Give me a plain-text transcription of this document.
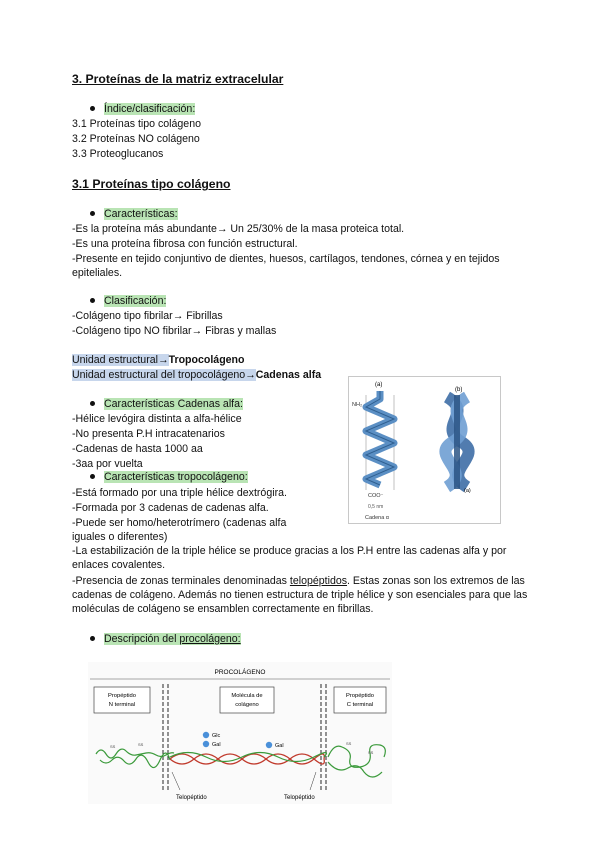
3. Proteínas de la matriz extracelular
Índice/clasificación:
3.1 Proteínas tipo colágeno
3.2 Proteínas NO colágeno
3.3 Proteoglucanos
3.1 Proteínas tipo colágeno
Características:
-Es la proteína más abundante→ Un 25/30% de la masa proteica total.
-Es una proteína fibrosa con función estructural.
-Presente en tejido conjuntivo de dientes, huesos, cartílagos, tendones, córnea y en tejidos epiteliales.
Clasificación:
-Colágeno tipo fibrilar→ Fibrillas
-Colágeno tipo NO fibrilar→ Fibras y mallas
Unidad estructural→Tropocolágeno
Unidad estructural del tropocolágeno→Cadenas alfa
Características Cadenas alfa:
-Hélice levógira distinta a alfa-hélice
-No presenta P.H intracatenarios
-Cadenas de hasta 1000 aa
-3aa por vuelta
Características tropocolágeno:
-Está formado por una triple hélice dextrógira.
-Formada por 3 cadenas de cadenas alfa.
-Puede ser homo/heterotrímero (cadenas alfa
iguales o diferentes)
-La estabilización de la triple hélice se produce gracias a los P.H entre las cadenas alfa y por enlaces covalentes.
-Presencia de zonas terminales denominadas telopéptidos. Estas zonas son los extremos de las cadenas de colágeno. Además no tienen estructura de triple hélice y son esenciales para que las moléculas de colágeno se ensamblen correctamente en fibrillas.
(a)
NH₂
COO⁻
0,5 nm
Cadena α
(b)
(a)
Descripción del procolágeno:
PROCOLÁGENO
Propéptido
N terminal
Molécula de
colágeno
Propéptido
C terminal
Glc
Gal	Gal
SS	SS	SS
SS
Telopéptido	Telopéptido
